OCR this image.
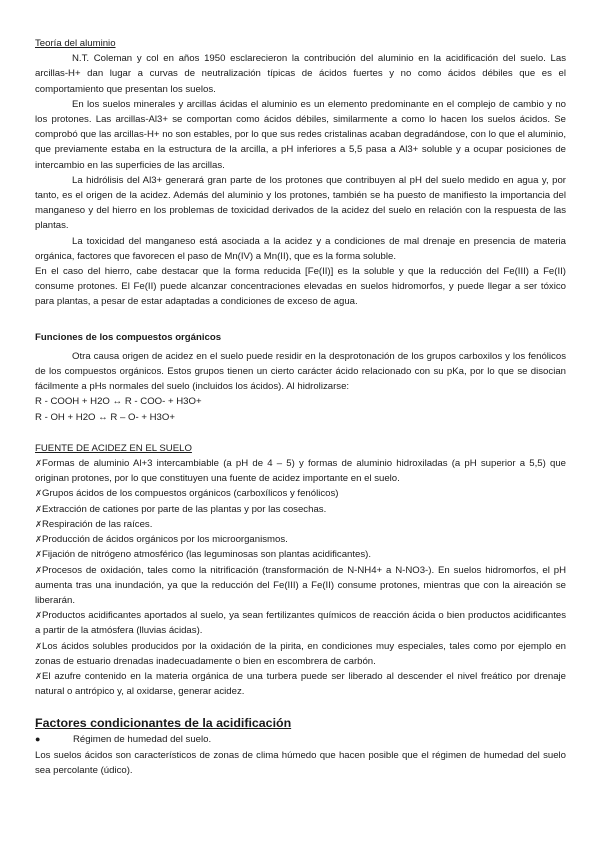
Teoría del aluminio

N.T. Coleman y col en años 1950 esclarecieron la contribución del aluminio en la acidificación del suelo. Las arcillas-H+ dan lugar a curvas de neutralización típicas de ácidos fuertes y no como ácidos débiles que es el comportamiento que presentan los suelos.

En los suelos minerales y arcillas ácidas el aluminio es un elemento predominante en el complejo de cambio y no los protones. Las arcillas-Al3+ se comportan como ácidos débiles, similarmente a como lo hacen los suelos ácidos. Se comprobó que las arcillas-H+ no son estables, por lo que sus redes cristalinas acaban degradándose, con lo que el aluminio, que previamente estaba en la estructura de la arcilla, a pH inferiores a 5,5 pasa a Al3+ soluble y a ocupar posiciones de intercambio en las superficies de las arcillas.

La hidrólisis del Al3+ generará gran parte de los protones que contribuyen al pH del suelo medido en agua y, por tanto, es el origen de la acidez. Además del aluminio y los protones, también se ha puesto de manifiesto la importancia del manganeso y del hierro en los problemas de toxicidad derivados de la acidez del suelo en relación con la respuesta de las plantas.

La toxicidad del manganeso está asociada a la acidez y a condiciones de mal drenaje en presencia de materia orgánica, factores que favorecen el paso de Mn(IV) a Mn(II), que es la forma soluble.

En el caso del hierro, cabe destacar que la forma reducida [Fe(II)] es la soluble y que la reducción del Fe(III) a Fe(II) consume protones. El Fe(II) puede alcanzar concentraciones elevadas en suelos hidromorfos, y puede llegar a ser tóxico para plantas, a pesar de estar adaptadas a condiciones de exceso de agua.

Funciones de los compuestos orgánicos

Otra causa origen de acidez en el suelo puede residir en la desprotonación de los grupos carboxilos y los fenólicos de los compuestos orgánicos. Estos grupos tienen un cierto carácter ácido relacionado con su pKa, por lo que se disocian fácilmente a pHs normales del suelo (incluidos los ácidos). Al hidrolizarse:

R - COOH + H2O ↔ R - COO- + H3O+

R - OH + H2O ↔ R – O- + H3O+

FUENTE DE ACIDEZ EN EL SUELO

✗Formas de aluminio Al+3 intercambiable (a pH de 4 – 5) y formas de aluminio hidroxiladas (a pH superior a 5,5) que originan protones, por lo que constituyen una fuente de acidez importante en el suelo.
✗Grupos ácidos de los compuestos orgánicos (carboxílicos y fenólicos)
✗Extracción de cationes por parte de las plantas y por las cosechas.
✗Respiración de las raíces.
✗Producción de ácidos orgánicos por los microorganismos.
✗Fijación de nitrógeno atmosférico (las leguminosas son plantas acidificantes).
✗Procesos de oxidación, tales como la nitrificación (transformación de N-NH4+ a N-NO3-). En suelos hidromorfos, el pH aumenta tras una inundación, ya que la reducción del Fe(III) a Fe(II) consume protones, mientras que con la aireación se liberarán.
✗Productos acidificantes aportados al suelo, ya sean fertilizantes químicos de reacción ácida o bien productos acidificantes a partir de la atmósfera (lluvias ácidas).
✗Los ácidos solubles producidos por la oxidación de la pirita, en condiciones muy especiales, tales como por ejemplo en zonas de estuario drenadas inadecuadamente o bien en escombrera de carbón.
✗El azufre contenido en la materia orgánica de una turbera puede ser liberado al descender el nivel freático por drenaje natural o antrópico y, al oxidarse, generar acidez.

Factores condicionantes de la acidificación

●	Régimen de humedad del suelo.

Los suelos ácidos son característicos de zonas de clima húmedo que hacen posible que el régimen de humedad del suelo sea percolante (údico).
